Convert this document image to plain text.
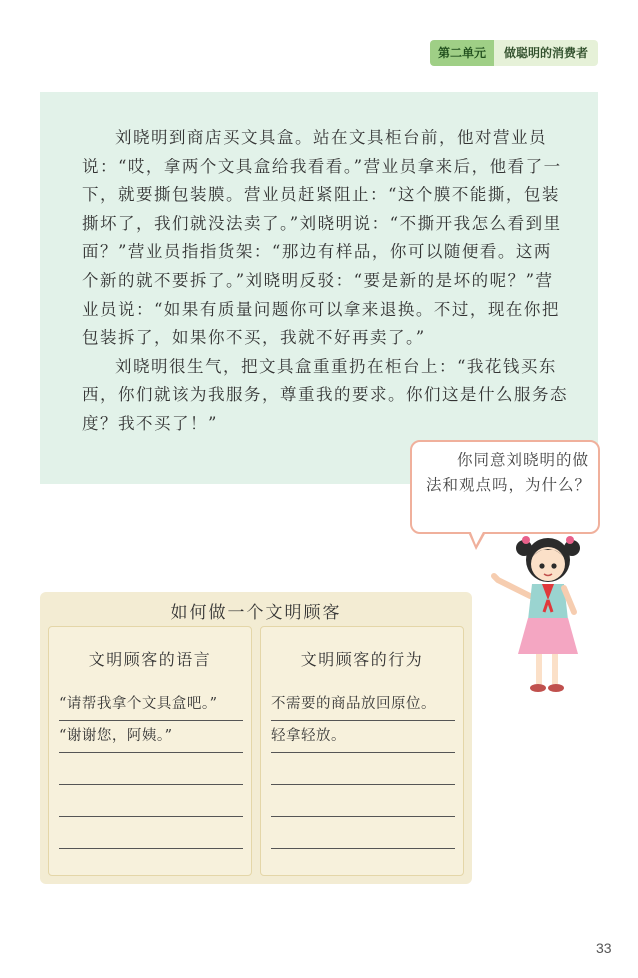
第二单元	做聪明的消费者

刘晓明到商店买文具盒。站在文具柜台前，他对营业员说：“哎，拿两个文具盒给我看看。”营业员拿来后，他看了一下，就要撕包装膜。营业员赶紧阻止：“这个膜不能撕，包装撕坏了，我们就没法卖了。”刘晓明说：“不撕开我怎么看到里面？”营业员指指货架：“那边有样品，你可以随便看。这两个新的就不要拆了。”刘晓明反驳：“要是新的是坏的呢？”营业员说：“如果有质量问题你可以拿来退换。不过，现在你把包装拆了，如果你不买，我就不好再卖了。”

刘晓明很生气，把文具盒重重扔在柜台上：“我花钱买东西，你们就该为我服务，尊重我的要求。你们这是什么服务态度？我不买了！”

你同意刘晓明的做法和观点吗，为什么？
如何做一个文明顾客
文明顾客的语言
“请帮我拿个文具盒吧。”
“谢谢您，阿姨。”
文明顾客的行为
不需要的商品放回原位。
轻拿轻放。
33
